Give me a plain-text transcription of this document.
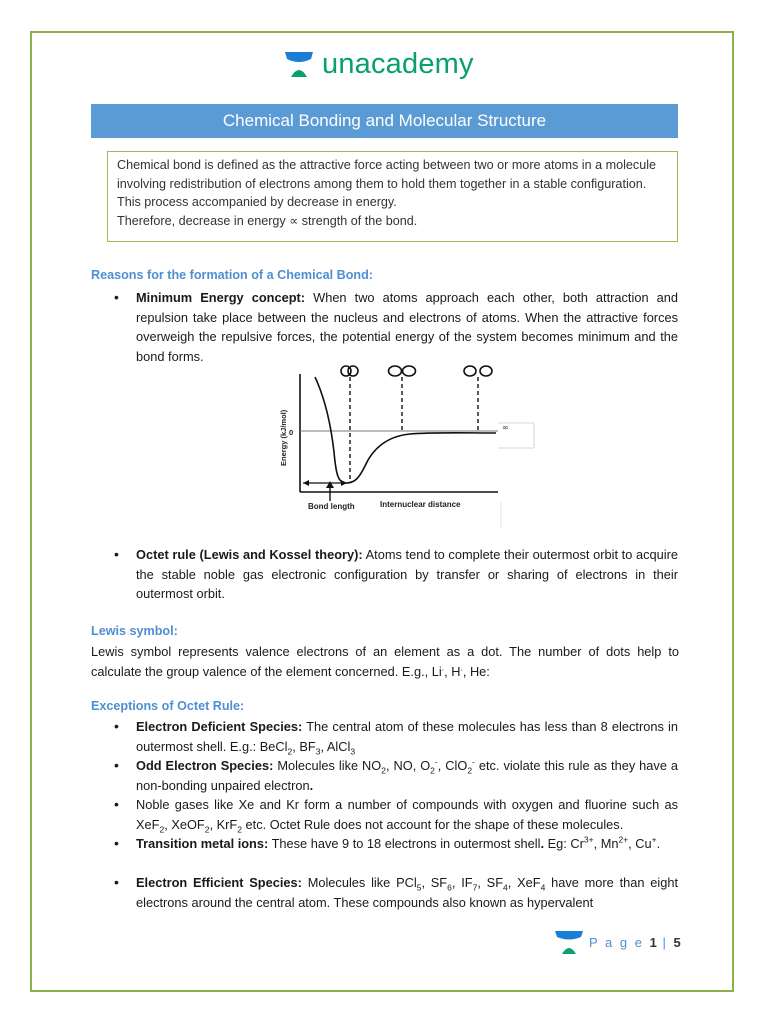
unacademy
Chemical Bonding and Molecular Structure
Chemical bond is defined as the attractive force acting between two or more atoms in a molecule involving redistribution of electrons among them to hold them together in a stable configuration. This process accompanied by decrease in energy.
Therefore, decrease in energy ∝ strength of the bond.
Reasons for the formation of a Chemical Bond:
• Minimum Energy concept: When two atoms approach each other, both attraction and repulsion take place between the nucleus and electrons of atoms. When the attractive forces overweigh the repulsive forces, the potential energy of the system becomes minimum and the bond forms.
∞
Energy (kJ/mol) 0
Bond length	Internuclear distance
• Octet rule (Lewis and Kossel theory): Atoms tend to complete their outermost orbit to acquire the stable noble gas electronic configuration by transfer or sharing of electrons in their outermost orbit.
Lewis symbol:
Lewis symbol represents valence electrons of an element as a dot. The number of dots help to calculate the group valence of the element concerned. E.g., Li., H., He:
Exceptions of Octet Rule:
• Electron Deficient Species: The central atom of these molecules has less than 8 electrons in outermost shell. E.g.: BeCl$_2$, $BF_3$, AlCl$_3$
• Odd Electron Species: Molecules like $NO_2$, NO, $O_2^-$, ClO$_2$- etc. violate this rule as they have a non-bonding unpaired electron.
• Noble gases like Xe and Kr form a number of compounds with oxygen and fluorine such as XeF$_2$, XeOF$_2$, KrF$_2$ etc. Octet Rule does not account for the shape of these molecules.
• Transition metal ions: These have 9 to 18 electrons in outermost shell. Eg: $Cr^{3+}$, $Mn^{2+}$, Cu+.
• Electron Efficient Species: Molecules like PCl$_5$, $SF_6$, $IF_7$, $SF_4$, XeF$_4$ have more than eight electrons around the central atom. These compounds also known as hypervalent
P a g e 1 | 5
